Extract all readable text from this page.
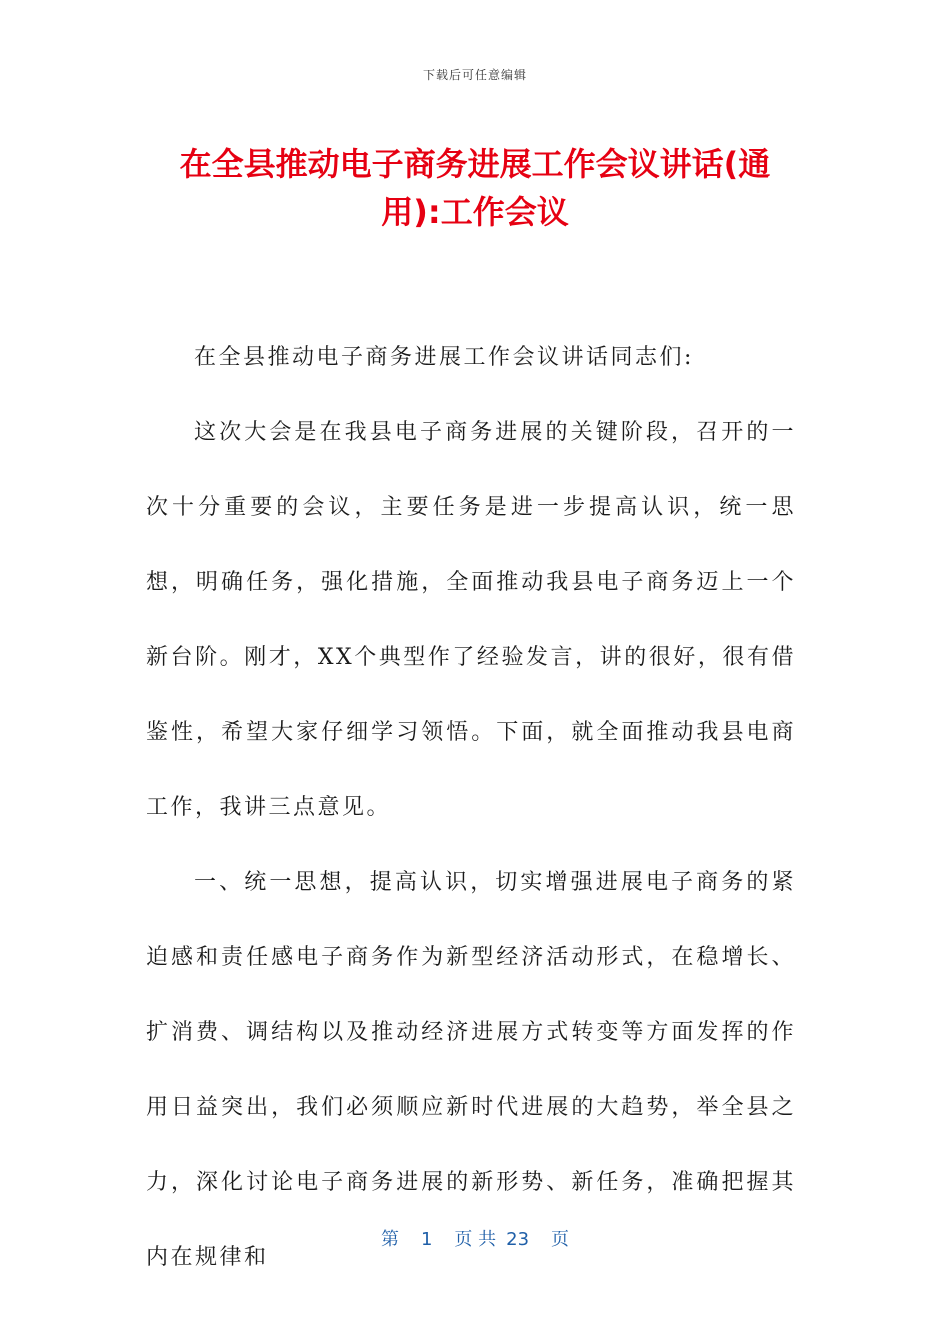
下载后可任意编辑
在全县推动电子商务进展工作会议讲话(通用):工作会议

在全县推动电子商务进展工作会议讲话同志们:

这次大会是在我县电子商务进展的关键阶段，召开的一次十分重要的会议，主要任务是进一步提高认识，统一思想，明确任务，强化措施，全面推动我县电子商务迈上一个新台阶。刚才，XX个典型作了经验发言，讲的很好，很有借鉴性，希望大家仔细学习领悟。下面，就全面推动我县电商工作，我讲三点意见。

一、统一思想，提高认识，切实增强进展电子商务的紧迫感和责任感电子商务作为新型经济活动形式，在稳增长、扩消费、调结构以及推动经济进展方式转变等方面发挥的作用日益突出，我们必须顺应新时代进展的大趋势，举全县之力，深化讨论电子商务进展的新形势、新任务，准确把握其内在规律和

第 1 页 共 23 页
